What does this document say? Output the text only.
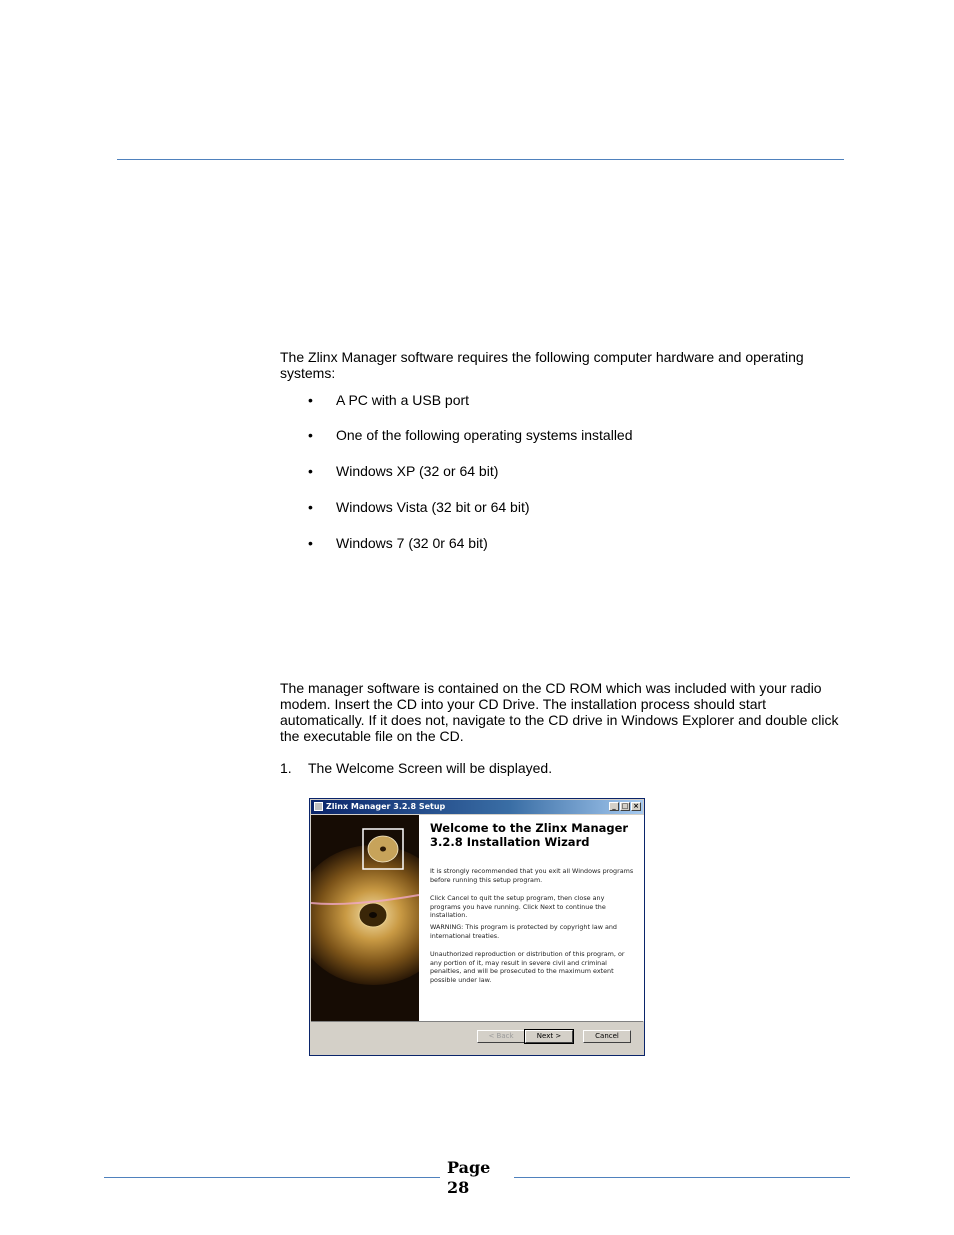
The Zlinx Manager software requires the following computer hardware and operating systems:

• A PC with a USB port
• One of the following operating systems installed
• Windows XP (32 or 64 bit)
• Windows Vista (32 bit or 64 bit)
• Windows 7 (32 0r 64 bit)

The manager software is contained on the CD ROM which was included with your radio modem. Insert the CD into your CD Drive. The installation process should start automatically. If it does not, navigate to the CD drive in Windows Explorer and double click the executable file on the CD.

1. The Welcome Screen will be displayed.
Zlinx Manager 3.2.8 Setup	_ □ ×
Welcome to the Zlinx Manager 3.2.8 Installation Wizard
It is strongly recommended that you exit all Windows programs before running this setup program.
Click Cancel to quit the setup program, then close any programs you have running. Click Next to continue the installation.
WARNING: This program is protected by copyright law and international treaties.
Unauthorized reproduction or distribution of this program, or any portion of it, may result in severe civil and criminal penalties, and will be prosecuted to the maximum extent possible under law.
< Back	Next >	Cancel
Page
28
